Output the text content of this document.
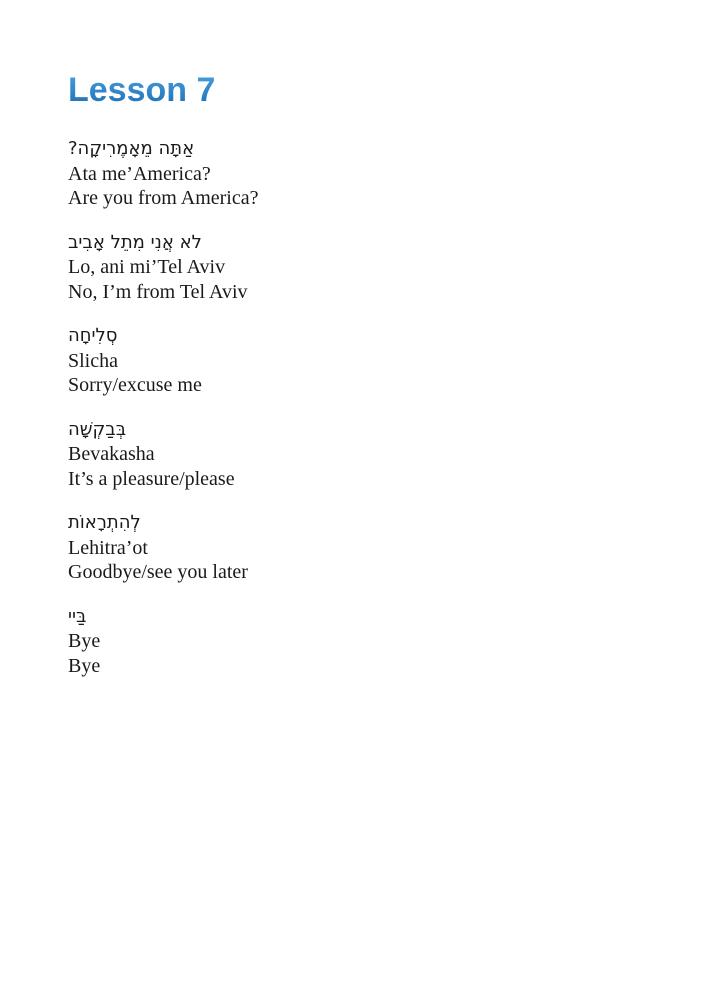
Lesson 7

אַתָּה מֵאָמֶרִיקָה?

Ata me’America?

Are you from America?

לא אֲנִי מִתֵל אָבִיב

Lo, ani mi’Tel Aviv

No, I’m from Tel Aviv

סְלִיחָה

Slicha

Sorry/excuse me

בְּבַקְשָׁה

Bevakasha

It’s a pleasure/please

לְהִתְרָאוֹת

Lehitra’ot

Goodbye/see you later

בַּיי

Bye

Bye
